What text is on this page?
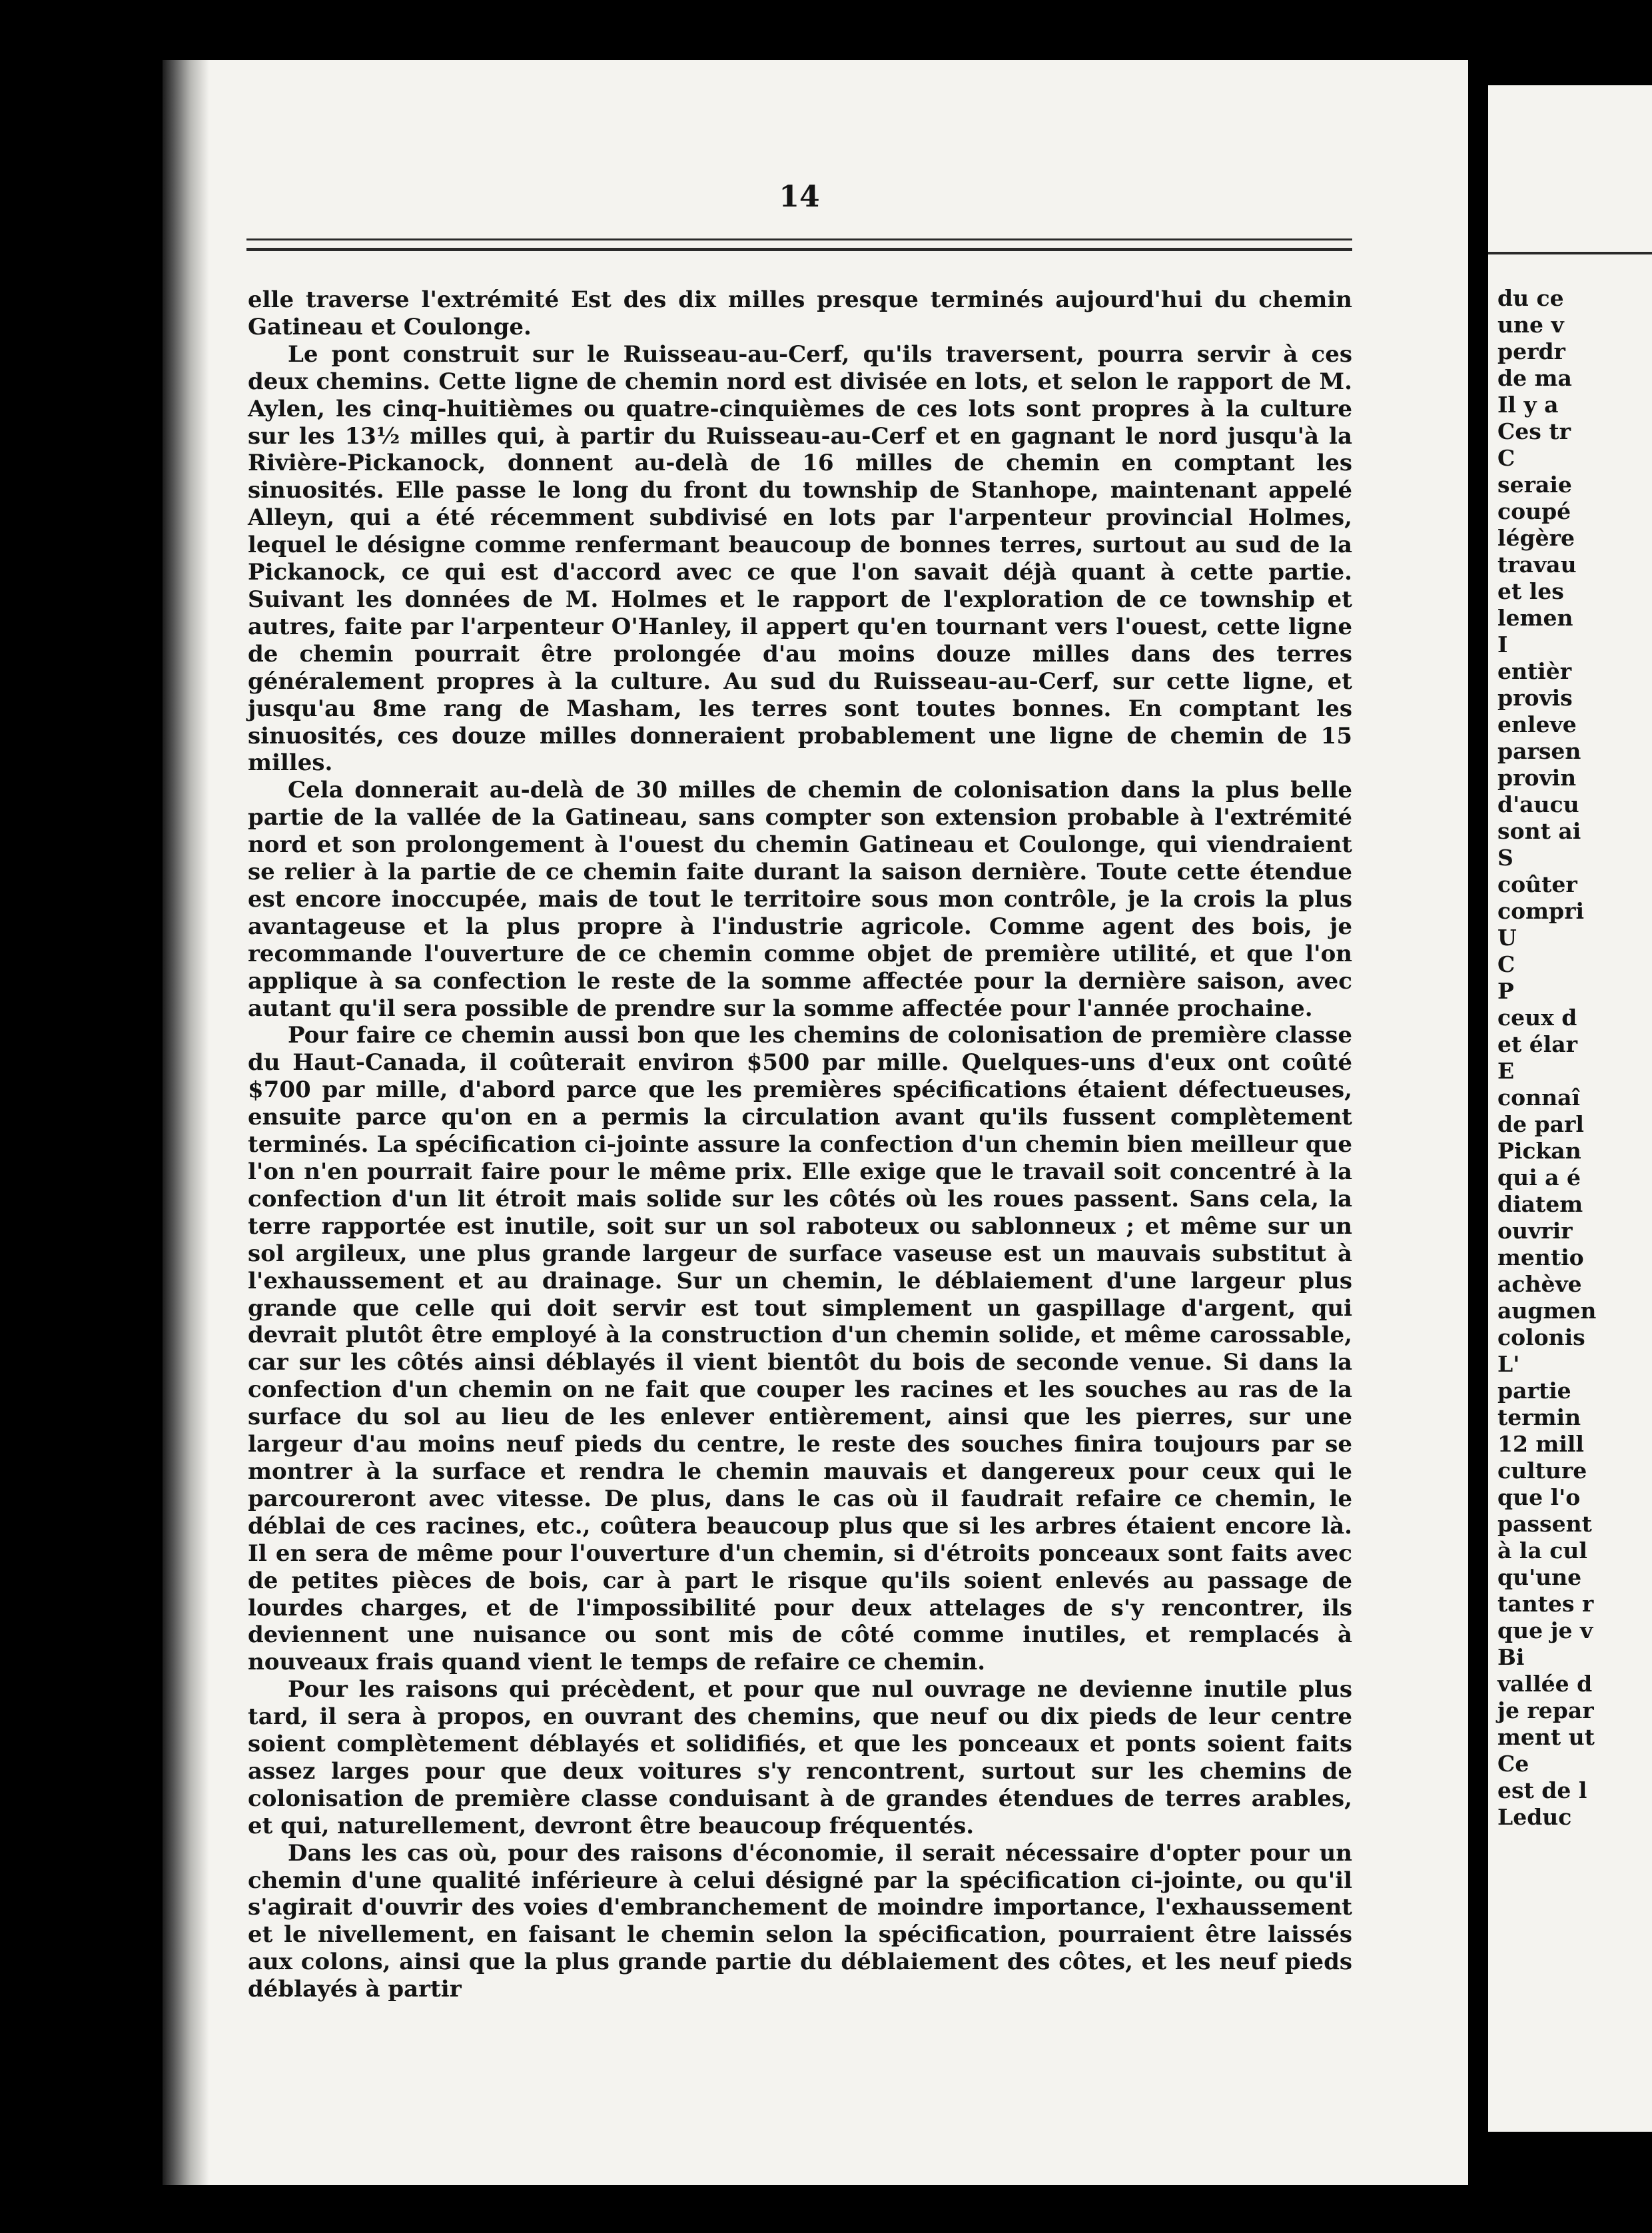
14

elle traverse l'extrémité Est des dix milles presque terminés aujourd'hui du chemin Gatineau et Coulonge.

Le pont construit sur le Ruisseau-au-Cerf, qu'ils traversent, pourra servir à ces deux chemins. Cette ligne de chemin nord est divisée en lots, et selon le rapport de M. Aylen, les cinq-huitièmes ou quatre-cinquièmes de ces lots sont propres à la culture sur les 13½ milles qui, à partir du Ruisseau-au-Cerf et en gagnant le nord jusqu'à la Rivière-Pickanock, donnent au-delà de 16 milles de chemin en comptant les sinuosités. Elle passe le long du front du township de Stanhope, maintenant appelé Alleyn, qui a été récemment subdivisé en lots par l'arpenteur provincial Holmes, lequel le désigne comme renfermant beaucoup de bonnes terres, surtout au sud de la Pickanock, ce qui est d'accord avec ce que l'on savait déjà quant à cette partie. Suivant les données de M. Holmes et le rapport de l'exploration de ce township et autres, faite par l'arpenteur O'Hanley, il appert qu'en tournant vers l'ouest, cette ligne de chemin pourrait être prolongée d'au moins douze milles dans des terres généralement propres à la culture. Au sud du Ruisseau-au-Cerf, sur cette ligne, et jusqu'au 8me rang de Masham, les terres sont toutes bonnes. En comptant les sinuosités, ces douze milles donneraient probablement une ligne de chemin de 15 milles.

Cela donnerait au-delà de 30 milles de chemin de colonisation dans la plus belle partie de la vallée de la Gatineau, sans compter son extension probable à l'extrémité nord et son prolongement à l'ouest du chemin Gatineau et Coulonge, qui viendraient se relier à la partie de ce chemin faite durant la saison dernière. Toute cette étendue est encore inoccupée, mais de tout le territoire sous mon contrôle, je la crois la plus avantageuse et la plus propre à l'industrie agricole. Comme agent des bois, je recommande l'ouverture de ce chemin comme objet de première utilité, et que l'on applique à sa confection le reste de la somme affectée pour la dernière saison, avec autant qu'il sera possible de prendre sur la somme affectée pour l'année prochaine.

Pour faire ce chemin aussi bon que les chemins de colonisation de première classe du Haut-Canada, il coûterait environ $500 par mille. Quelques-uns d'eux ont coûté $700 par mille, d'abord parce que les premières spécifications étaient défectueuses, ensuite parce qu'on en a permis la circulation avant qu'ils fussent complètement terminés. La spécification ci-jointe assure la confection d'un chemin bien meilleur que l'on n'en pourrait faire pour le même prix. Elle exige que le travail soit concentré à la confection d'un lit étroit mais solide sur les côtés où les roues passent. Sans cela, la terre rapportée est inutile, soit sur un sol raboteux ou sablonneux ; et même sur un sol argileux, une plus grande largeur de surface vaseuse est un mauvais substitut à l'exhaussement et au drainage. Sur un chemin, le déblaiement d'une largeur plus grande que celle qui doit servir est tout simplement un gaspillage d'argent, qui devrait plutôt être employé à la construction d'un chemin solide, et même carossable, car sur les côtés ainsi déblayés il vient bientôt du bois de seconde venue. Si dans la confection d'un chemin on ne fait que couper les racines et les souches au ras de la surface du sol au lieu de les enlever entièrement, ainsi que les pierres, sur une largeur d'au moins neuf pieds du centre, le reste des souches finira toujours par se montrer à la surface et rendra le chemin mauvais et dangereux pour ceux qui le parcoureront avec vitesse. De plus, dans le cas où il faudrait refaire ce chemin, le déblai de ces racines, etc., coûtera beaucoup plus que si les arbres étaient encore là. Il en sera de même pour l'ouverture d'un chemin, si d'étroits ponceaux sont faits avec de petites pièces de bois, car à part le risque qu'ils soient enlevés au passage de lourdes charges, et de l'impossibilité pour deux attelages de s'y rencontrer, ils deviennent une nuisance ou sont mis de côté comme inutiles, et remplacés à nouveaux frais quand vient le temps de refaire ce chemin.

Pour les raisons qui précèdent, et pour que nul ouvrage ne devienne inutile plus tard, il sera à propos, en ouvrant des chemins, que neuf ou dix pieds de leur centre soient complètement déblayés et solidifiés, et que les ponceaux et ponts soient faits assez larges pour que deux voitures s'y rencontrent, surtout sur les chemins de colonisation de première classe conduisant à de grandes étendues de terres arables, et qui, naturellement, devront être beaucoup fréquentés.

Dans les cas où, pour des raisons d'économie, il serait nécessaire d'opter pour un chemin d'une qualité inférieure à celui désigné par la spécification ci-jointe, ou qu'il s'agirait d'ouvrir des voies d'embranchement de moindre importance, l'exhaussement et le nivellement, en faisant le chemin selon la spécification, pourraient être laissés aux colons, ainsi que la plus grande partie du déblaiement des côtes, et les neuf pieds déblayés à partir

du ce
une v
perdr
de ma
Il y a
Ces tr
C
seraie
coupé
légère
travau
et les
lemen
I
entièr
provis
enleve
parsen
provin
d'aucu
sont ai
S
coûter
compri
U
C
P
ceux d
et élar
E
connaî
de parl
Pickan
qui a é
diatem
ouvrir
mentio
achève
augmen
colonis
L'
partie
termin
12 mill
culture
que l'o
passent
à la cul
qu'une
tantes r
que je v
Bi
vallée d
je repar
ment ut
Ce
est de l
Leduc
